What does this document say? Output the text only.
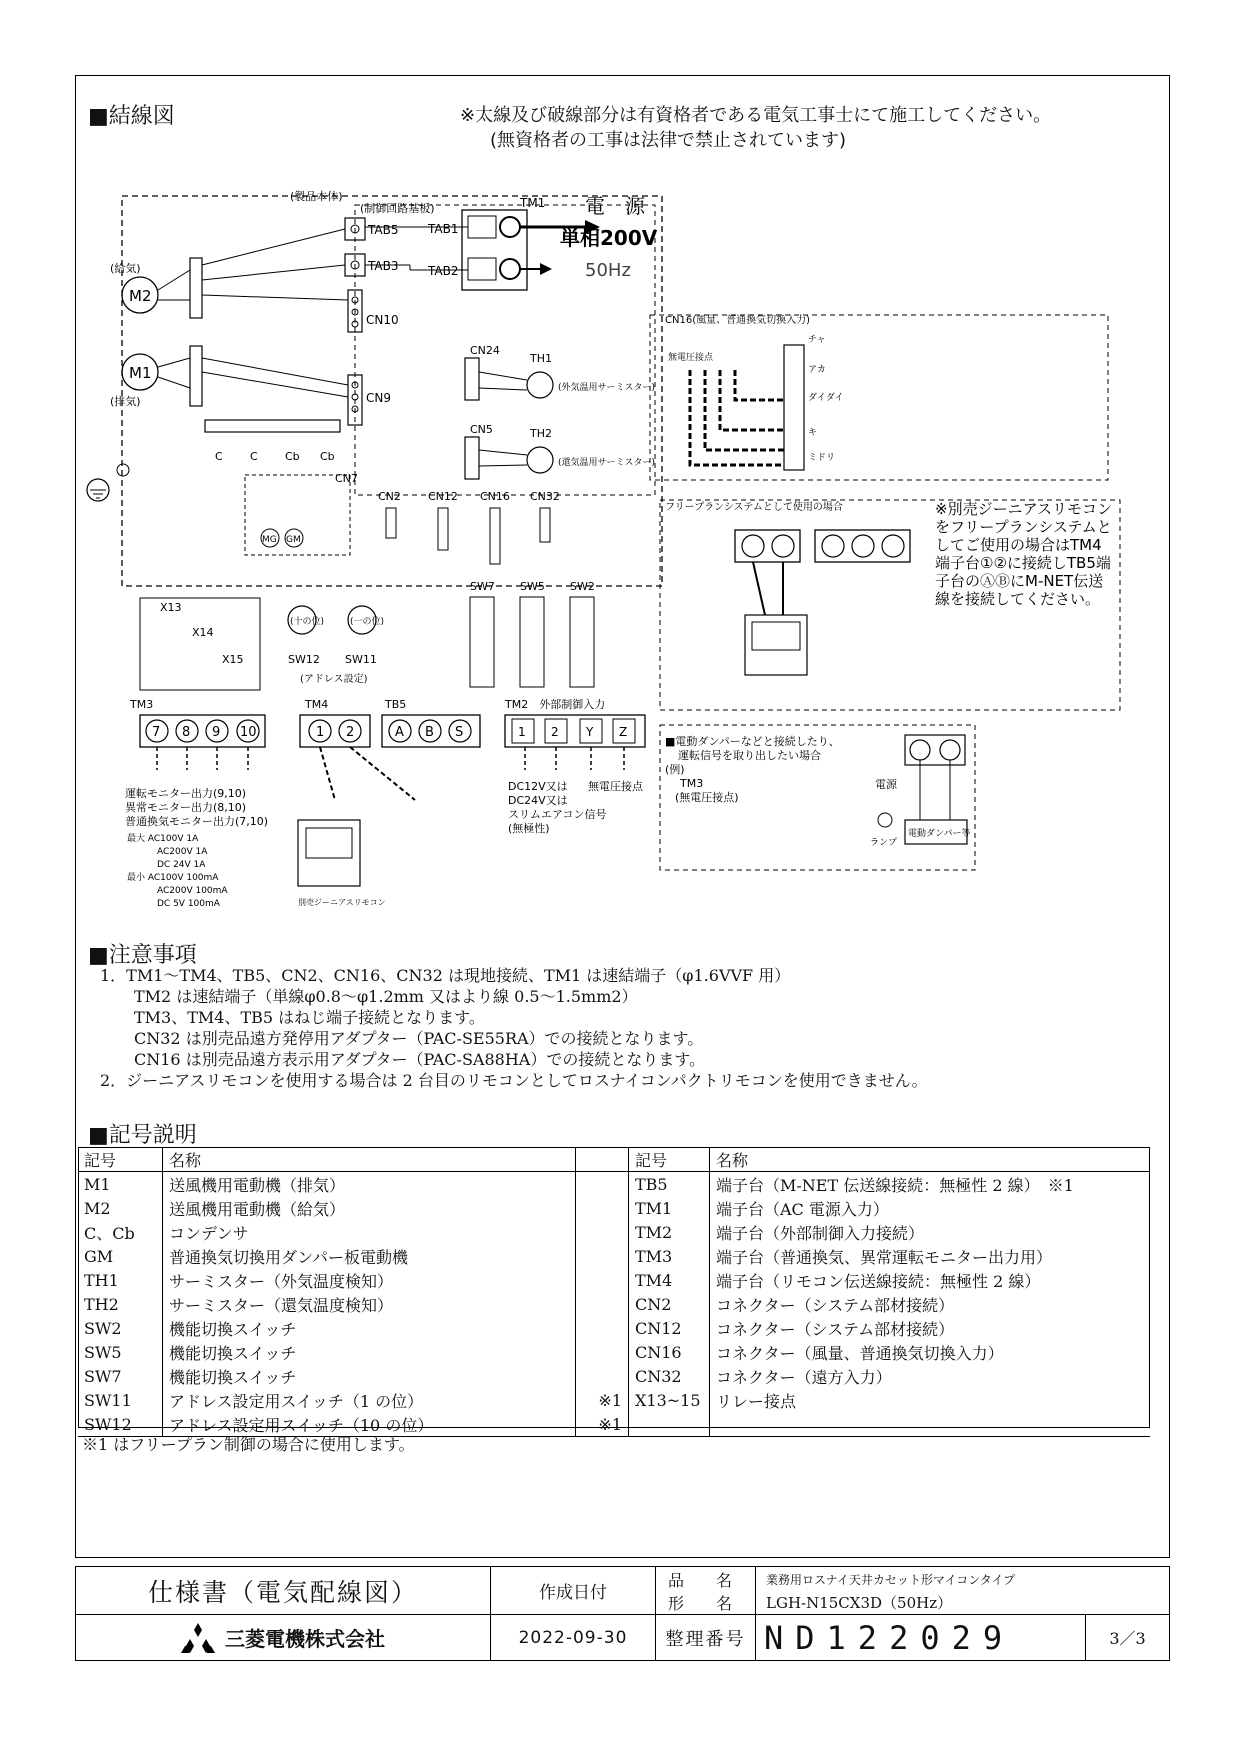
■結線図	※太線及び破線部分は有資格者である電気工事士にて施工してください。
(無資格者の工事は法律で禁止されています)
(製品本体)
(制御回路基板)	TM1
TAB1
TAB2
電　源
単相200V
50Hz
TAB5
TAB3
CN10
CN9
M2
(給気)
M1
(排気)
C C Cb Cb
CN7
MG GM
CN24
TH1
(外気温用サーミスター)
CN5	TH2
(還気温用サーミスター)
CN2 CN12 CN16 CN32
SW7 SW5 SW2
(十の位)	(一の位)
SW12 SW11
(アドレス設定)
X13
X14
X15
TM3
7 8 9 10
TM4
1 2
TB5
A B S
TM2　外部制御入力
1 2 Y Z
DC12V又は
DC24V又は
スリムエアコン信号
(無極性)
無電圧接点
運転モニター出力(9,10)
異常モニター出力(8,10)
普通換気モニター出力(7,10)
最大 AC100V 1A
AC200V 1A
DC 24V 1A
最小 AC100V 100mA
AC200V 100mA
DC 5V 100mA	別売ジーニアスリモコン
CN16(風量、普通換気切換入力)
チャ
アカ
ダイダイ
キ
ミドリ
無電圧接点
フリープランシステムとして使用の場合	※別売ジーニアスリモコンをフリープランシステムとしてご使用の場合はTM4端子台①②に接続しTB5端子台のⒶⒷにM-NET伝送線を接続してください。
■電動ダンパーなどと接続したり、
運転信号を取り出したい場合
(例)
TM3
(無電圧接点)
電源
ランプ
電動ダンパー等
■注意事項
1．TM1～TM4、TB5、CN2、CN16、CN32 は現地接続、TM1 は速結端子（φ1.6VVF 用）
TM2 は速結端子（単線φ0.8～φ1.2mm 又はより線 0.5～1.5mm2）
TM3、TM4、TB5 はねじ端子接続となります。
CN32 は別売品遠方発停用アダプター（PAC-SE55RA）での接続となります。
CN16 は別売品遠方表示用アダプター（PAC-SA88HA）での接続となります。
2．ジーニアスリモコンを使用する場合は 2 台目のリモコンとしてロスナイコンパクトリモコンを使用できません。
■記号説明
記号	名称		記号	名称
M1	送風機用電動機（排気）		TB5	端子台（M-NET 伝送線接続：無極性 2 線）　※1
M2	送風機用電動機（給気）		TM1	端子台（AC 電源入力）
C、Cb	コンデンサ		TM2	端子台（外部制御入力接続）
GM	普通換気切換用ダンパー板電動機		TM3	端子台（普通換気、異常運転モニター出力用）
TH1	サーミスター（外気温度検知）		TM4	端子台（リモコン伝送線接続：無極性 2 線）
TH2	サーミスター（還気温度検知）		CN2	コネクター（システム部材接続）
SW2	機能切換スイッチ		CN12	コネクター（システム部材接続）
SW5	機能切換スイッチ		CN16	コネクター（風量、普通換気切換入力）
SW7	機能切換スイッチ		CN32	コネクター（遠方入力）
SW11	アドレス設定用スイッチ（1 の位）	※1	X13~15	リレー接点
SW12	アドレス設定用スイッチ（10 の位）	※1		
※1 はフリープラン制御の場合に使用します。
仕様書（電気配線図）	作成日付
品　　名
形　　名
業務用ロスナイ天井カセット形マイコンタイプ
LGH-N15CX3D（50Hz）
三菱電機株式会社	2022-09-30	整理番号 ND122029	3／3
